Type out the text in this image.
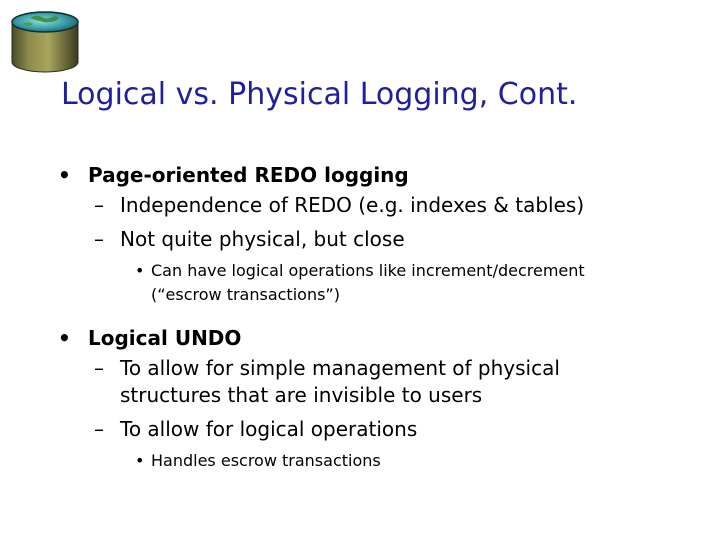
Logical vs. Physical Logging, Cont.
• Page-oriented REDO logging
– Independence of REDO (e.g. indexes & tables)
– Not quite physical, but close
• Can have logical operations like increment/decrement
(“escrow transactions”)
• Logical UNDO
– To allow for simple management of physical
structures that are invisible to users
– To allow for logical operations
• Handles escrow transactions
